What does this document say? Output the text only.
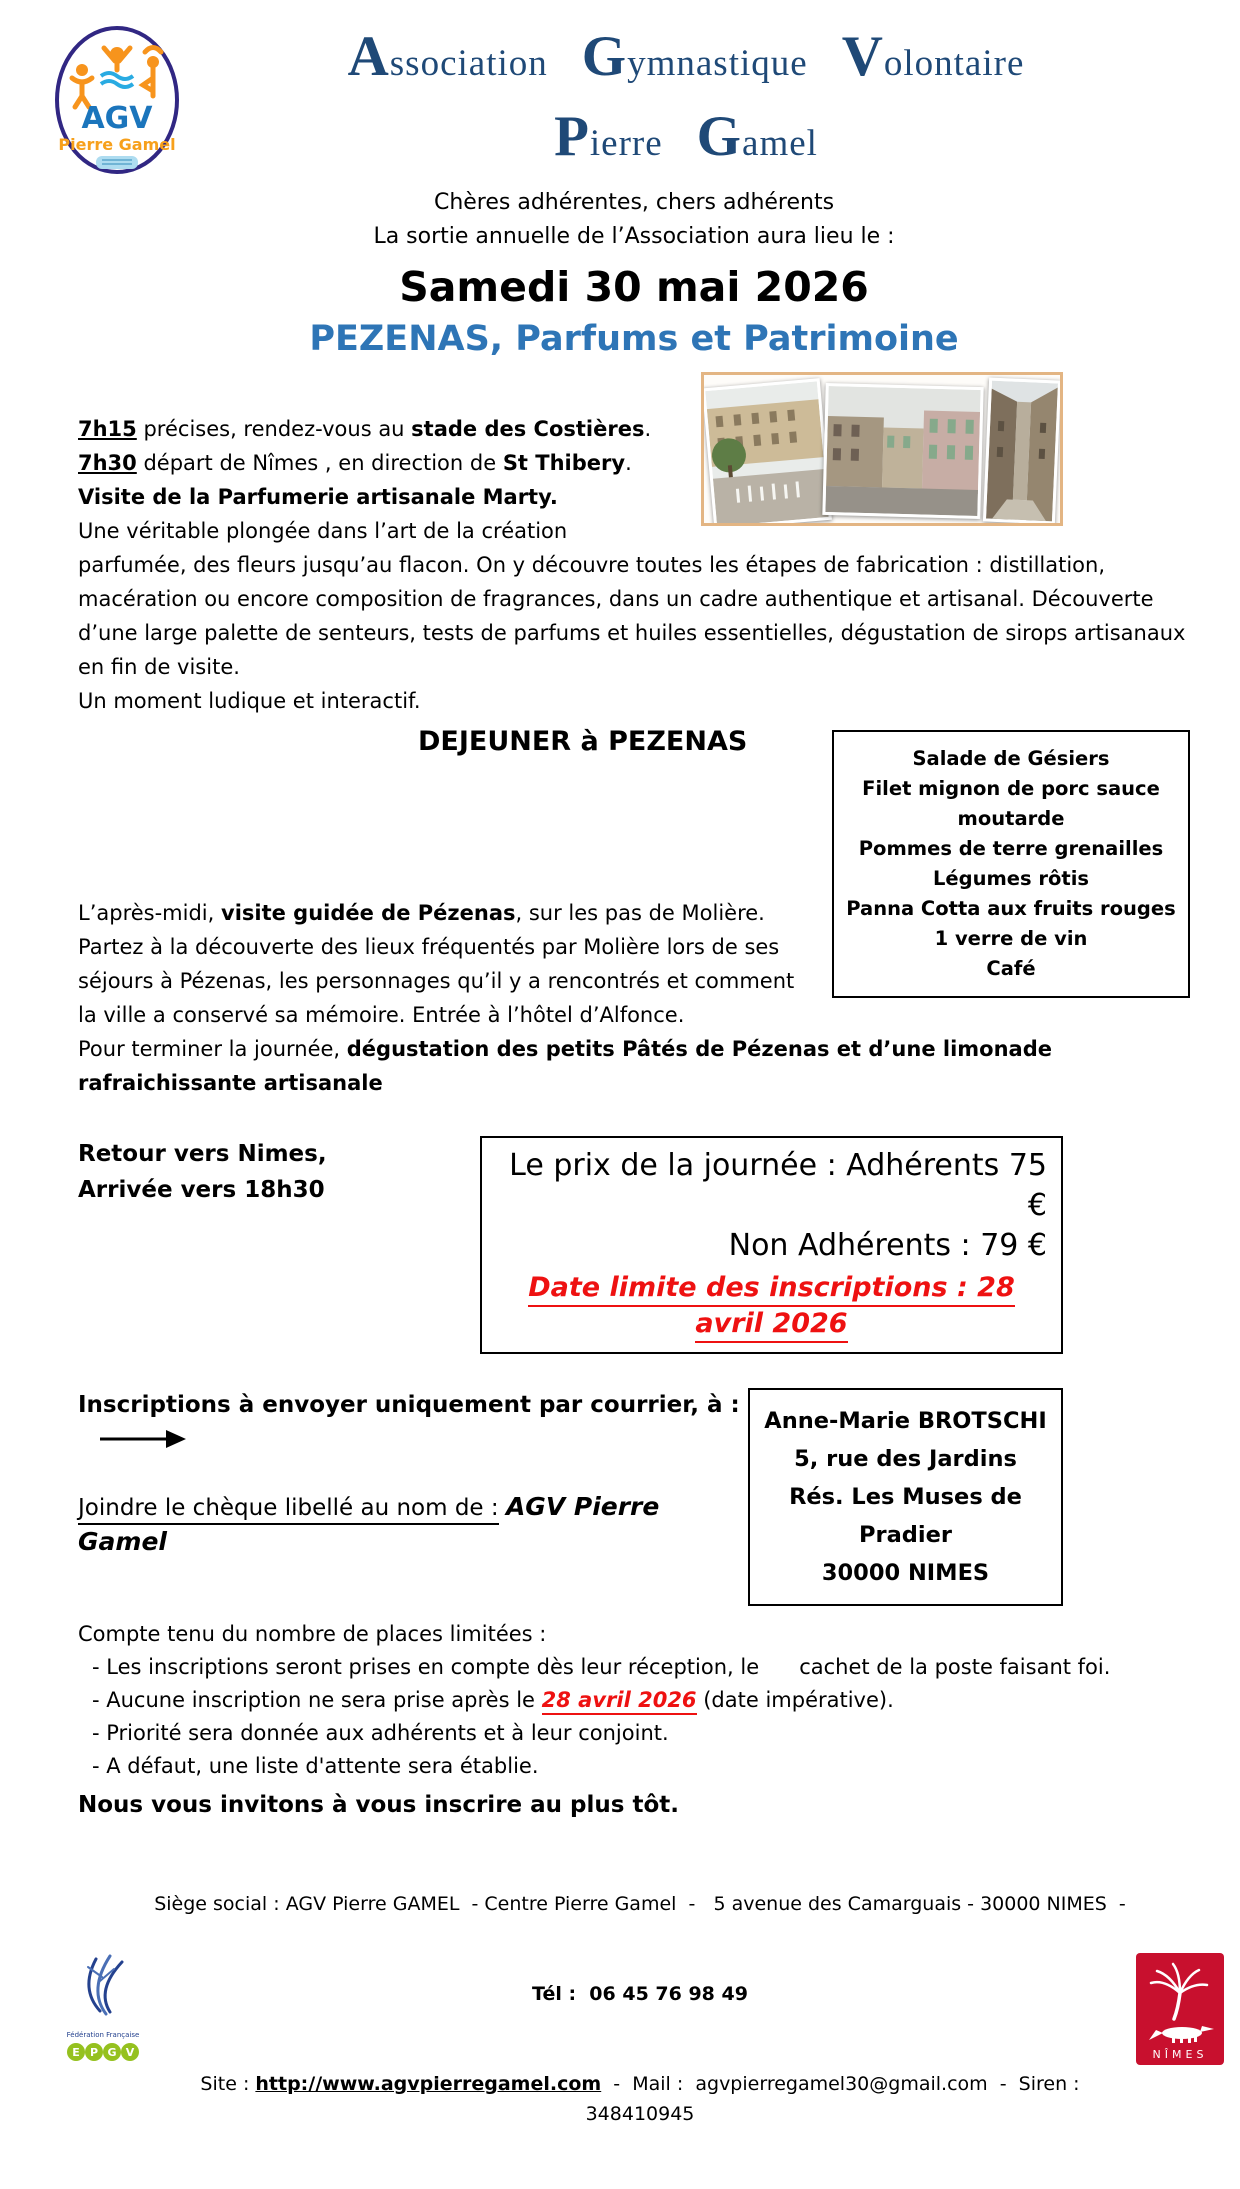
AGV
Pierre Gamel
Association Gymnastique Volontaire
Pierre Gamel
Chères adhérentes, chers adhérents
La sortie annuelle de l’Association aura lieu le :
Samedi 30 mai 2026
PEZENAS, Parfums et Patrimoine
7h15 précises, rendez-vous au stade des Costières.
7h30 départ de Nîmes , en direction de St Thibery.
Visite de la Parfumerie artisanale Marty.
Une véritable plongée dans l’art de la création
parfumée, des fleurs jusqu’au flacon. On y découvre toutes les étapes de fabrication : distillation, macération ou encore composition de fragrances, dans un cadre authentique et artisanal. Découverte d’une large palette de senteurs, tests de parfums et huiles essentielles, dégustation de sirops artisanaux en fin de visite.
Un moment ludique et interactif.
Salade de Gésiers
Filet mignon de porc sauce moutarde
Pommes de terre grenailles
Légumes rôtis
Panna Cotta aux fruits rouges
1 verre de vin
Café
DEJEUNER à PEZENAS
L’après-midi, visite guidée de Pézenas, sur les pas de Molière. Partez à la découverte des lieux fréquentés par Molière lors de ses séjours à Pézenas, les personnages qu’il y a rencontrés et comment la ville a conservé sa mémoire. Entrée à l’hôtel d’Alfonce.
Pour terminer la journée, dégustation des petits Pâtés de Pézenas et d’une limonade rafraichissante artisanale
Le prix de la journée : Adhérents 75 €
Non Adhérents : 79 €
Date limite des inscriptions : 28 avril 2026
Retour vers Nimes,
Arrivée vers 18h30
Anne-Marie BROTSCHI
5, rue des Jardins
Rés. Les Muses de Pradier
30000 NIMES
Inscriptions à envoyer uniquement par courrier, à :
Joindre le chèque libellé au nom de : AGV Pierre Gamel
Compte tenu du nombre de places limitées :
- Les inscriptions seront prises en compte dès leur réception, le      cachet de la poste faisant foi.
- Aucune inscription ne sera prise après le 28 avril 2026 (date impérative).
- Priorité sera donnée aux adhérents et à leur conjoint.
- A défaut, une liste d'attente sera établie.
Nous vous invitons à vous inscrire au plus tôt.
Fédération Française
E P G V

Siège social : AGV Pierre GAMEL  - Centre Pierre Gamel  -   5 avenue des Camarguais - 30000 NIMES  -

Tél :  06 45 76 98 49

Site : http://www.agvpierregamel.com  -  Mail :  agvpierregamel30@gmail.com  -  Siren : 348410945

NÎMES
